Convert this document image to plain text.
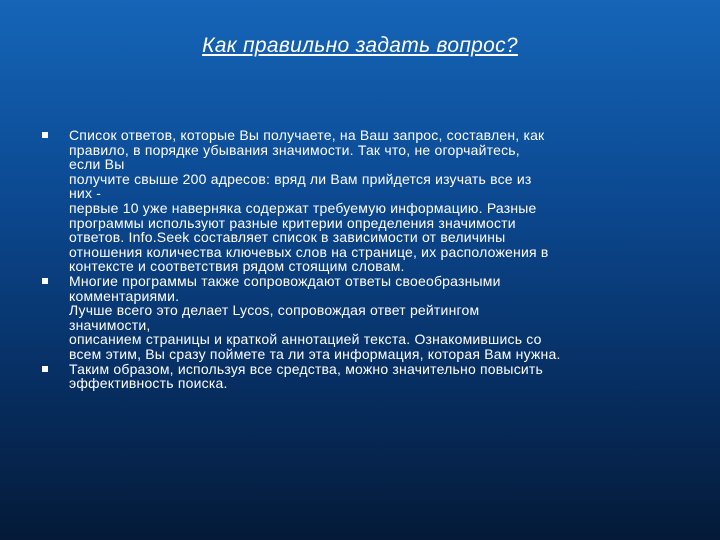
Как правильно задать вопрос?
Список ответов, которые Вы получаете, на Ваш запрос, составлен, как
правило, в порядке убывания значимости. Так что, не огорчайтесь,
если Вы
получите свыше 200 адресов: вряд ли Вам прийдется изучать все из
них -
первые 10 уже наверняка содержат требуемую информацию. Разные
программы используют разные критерии определения значимости
ответов. Info.Seek составляет список в зависимости от величины
отношения количества ключевых слов на странице, их расположения в
контексте и соответствия рядом стоящим словам.
Многие программы также сопровождают ответы своеобразными
комментариями.
Лучше всего это делает Lycos, сопровождая ответ рейтингом
значимости,
описанием страницы и краткой аннотацией текста. Ознакомившись со
всем этим, Вы сразу поймете та ли эта информация, которая Вам нужна.
Таким образом, используя все средства, можно значительно повысить
эффективность поиска.
